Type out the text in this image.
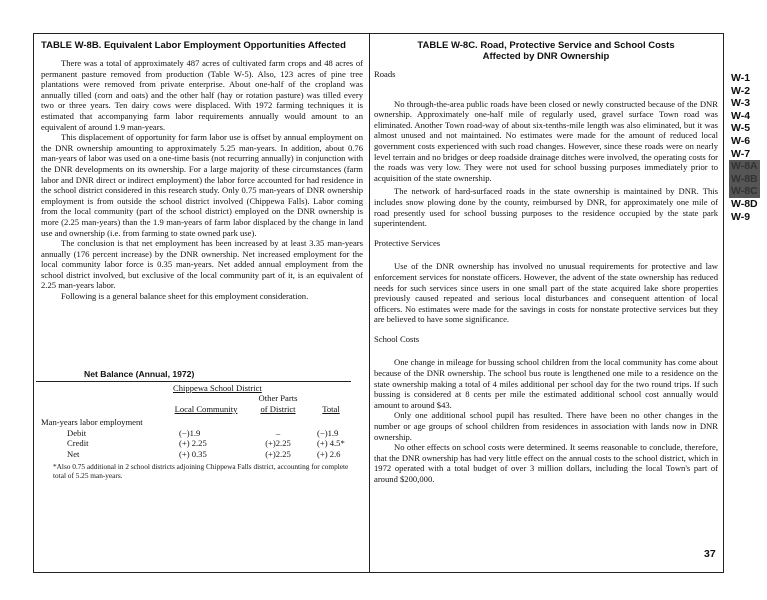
TABLE W-8B. Equivalent Labor Employment Opportunities Affected

There was a total of approximately 487 acres of cultivated farm crops and 48 acres of permanent pasture removed from production (Table W-5). Also, 123 acres of pine tree plantations were removed from private enterprise. About one-half of the cropland was annually tilled (corn and oats) and the other half (hay or rotation pasture) was tilled every two or three years. Ten dairy cows were displaced. With 1972 farming techniques it is estimated that accompanying farm labor requirements annually would amount to an equivalent of around 1.9 man-years.

This displacement of opportunity for farm labor use is offset by annual employment on the DNR ownership amounting to approximately 5.25 man-years. In addition, about 0.76 man-years of labor was used on a one-time basis (not recurring annually) in conjunction with the DNR developments on its ownership. For a large majority of these circumstances (farm labor and DNR direct or indirect employment) the labor force accounted for had residence in the school district considered in this research study. Only 0.75 man-years of DNR ownership employment is from outside the school district involved (Chippewa Falls). Labor coming from the local community (part of the school district) employed on the DNR ownership is more (2.25 man-years) than the 1.9 man-years of farm labor displaced by the change in land use and ownership (i.e. from farming to state owned park use).

The conclusion is that net employment has been increased by at least 3.35 man-years annually (176 percent increase) by the DNR ownership. Net increased employment for the local community labor force is 0.35 man-years. Net added annual employment from the school district involved, but exclusive of the local community part of it, is an equivalent of 2.25 man-years labor.

Following is a general balance sheet for this employment consideration.

Net Balance (Annual, 1972)
	Chippewa School District		
		Other Parts	
	Local Community	of District	Total
Man-years labor employment			
Debit	(−)1.9	–	(−)1.9
Credit	(+) 2.25	(+)2.25	(+) 4.5*
Net	(+) 0.35	(+)2.25	(+) 2.6
*Also 0.75 additional in 2 school districts adjoining Chippewa Falls district, accounting for complete total of 5.25 man-years.
TABLE W-8C. Road, Protective Service and School Costs
Affected by DNR Ownership
Roads

No through-the-area public roads have been closed or newly constructed because of the DNR ownership. Approximately one-half mile of regularly used, gravel surface Town road was eliminated. Another Town road-way of about six-tenths-mile length was also eliminated, but it was almost unused and not maintained. No estimates were made for the amount of reduced local government costs experienced with such road changes. However, since these roads were on nearly level terrain and no bridges or deep roadside drainage ditches were involved, the operating costs for the roads was very low. They were not used for school bussing purposes immediately prior to acquisition of the state ownership.

The network of hard-surfaced roads in the state ownership is maintained by DNR. This includes snow plowing done by the county, reimbursed by DNR, for approximately one mile of road presently used for school bussing purposes to the residence occupied by the state park superintendent.

Protective Services

Use of the DNR ownership has involved no unusual requirements for protective and law enforcement services for nonstate officers. However, the advent of the state ownership has reduced needs for such services since users in one small part of the state acquired lake shore properties previously caused repeated and serious local disturbances and consequent attention of local officers. No estimates were made for the savings in costs for nonstate protective services but they are believed to have some significance.

School Costs

One change in mileage for bussing school children from the local community has come about because of the DNR ownership. The school bus route is lengthened one mile to a residence on the state ownership making a total of 4 miles additional per school day for the two round trips. If such bussing is considered at 8 cents per mile the estimated additional school cost annually would amount to around $43.

Only one additional school pupil has resulted. There have been no other changes in the number or age groups of school children from residences in association with lands now in DNR ownership.

No other effects on school costs were determined. It seems reasonable to conclude, therefore, that the DNR ownership has had very little effect on the annual costs to the school district, which in 1972 operated with a total budget of over 3 million dollars, including the local Town's part of around $200,000.

W-1
W-2
W-3
W-4
W-5
W-6
W-7
W-8A
W-8B
W-8C
W-8D
W-9
37
